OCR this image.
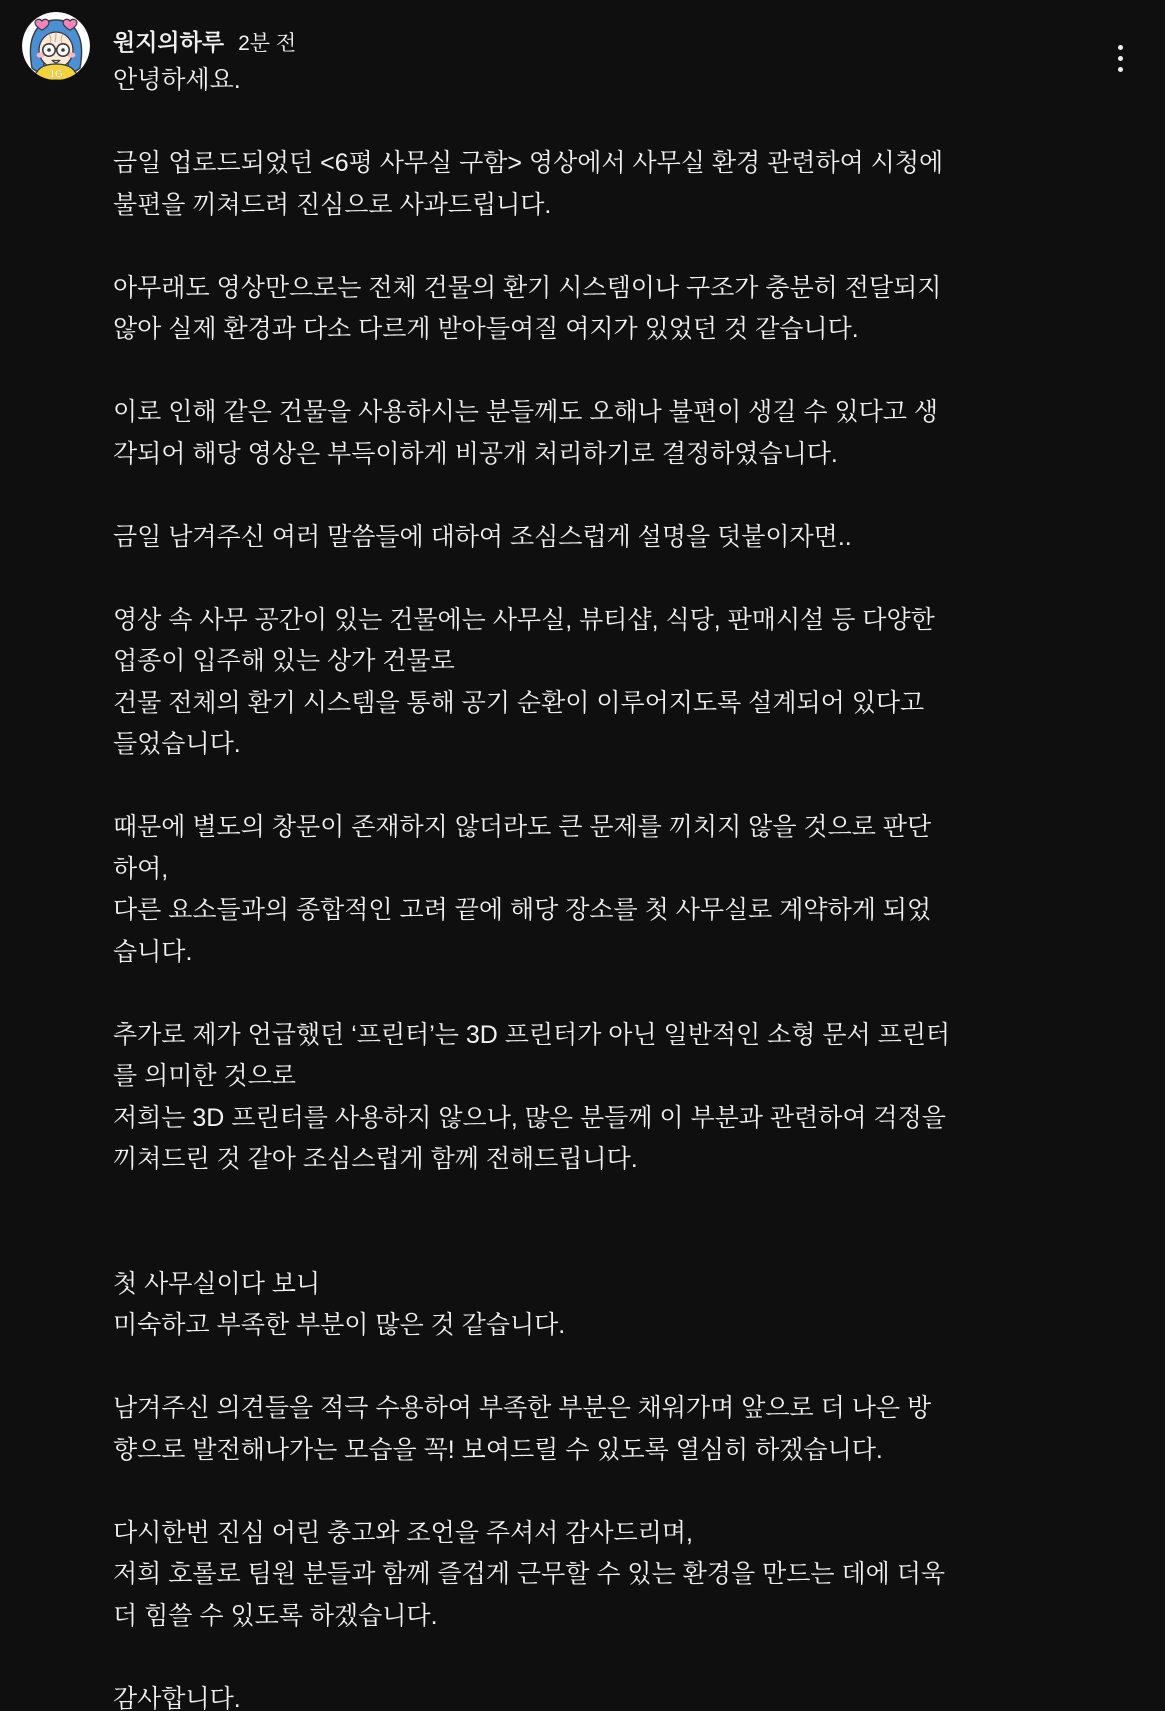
1G
원지의하루 2분 전
안녕하세요.
금일 업로드되었던 <6평 사무실 구함> 영상에서 사무실 환경 관련하여 시청에
불편을 끼쳐드려 진심으로 사과드립니다.
아무래도 영상만으로는 전체 건물의 환기 시스템이나 구조가 충분히 전달되지
않아 실제 환경과 다소 다르게 받아들여질 여지가 있었던 것 같습니다.
이로 인해 같은 건물을 사용하시는 분들께도 오해나 불편이 생길 수 있다고 생
각되어 해당 영상은 부득이하게 비공개 처리하기로 결정하였습니다.
금일 남겨주신 여러 말씀들에 대하여 조심스럽게 설명을 덧붙이자면..
영상 속 사무 공간이 있는 건물에는 사무실, 뷰티샵, 식당, 판매시설 등 다양한
업종이 입주해 있는 상가 건물로
건물 전체의 환기 시스템을 통해 공기 순환이 이루어지도록 설계되어 있다고
들었습니다.
때문에 별도의 창문이 존재하지 않더라도 큰 문제를 끼치지 않을 것으로 판단
하여,
다른 요소들과의 종합적인 고려 끝에 해당 장소를 첫 사무실로 계약하게 되었
습니다.
추가로 제가 언급했던 ‘프린터’는 3D 프린터가 아닌 일반적인 소형 문서 프린터
를 의미한 것으로
저희는 3D 프린터를 사용하지 않으나, 많은 분들께 이 부분과 관련하여 걱정을
끼쳐드린 것 같아 조심스럽게 함께 전해드립니다.
첫 사무실이다 보니
미숙하고 부족한 부분이 많은 것 같습니다.
남겨주신 의견들을 적극 수용하여 부족한 부분은 채워가며 앞으로 더 나은 방
향으로 발전해나가는 모습을 꼭! 보여드릴 수 있도록 열심히 하겠습니다.
다시한번 진심 어린 충고와 조언을 주셔서 감사드리며,
저희 호롤로 팀원 분들과 함께 즐겁게 근무할 수 있는 환경을 만드는 데에 더욱
더 힘쓸 수 있도록 하겠습니다.
감사합니다.
